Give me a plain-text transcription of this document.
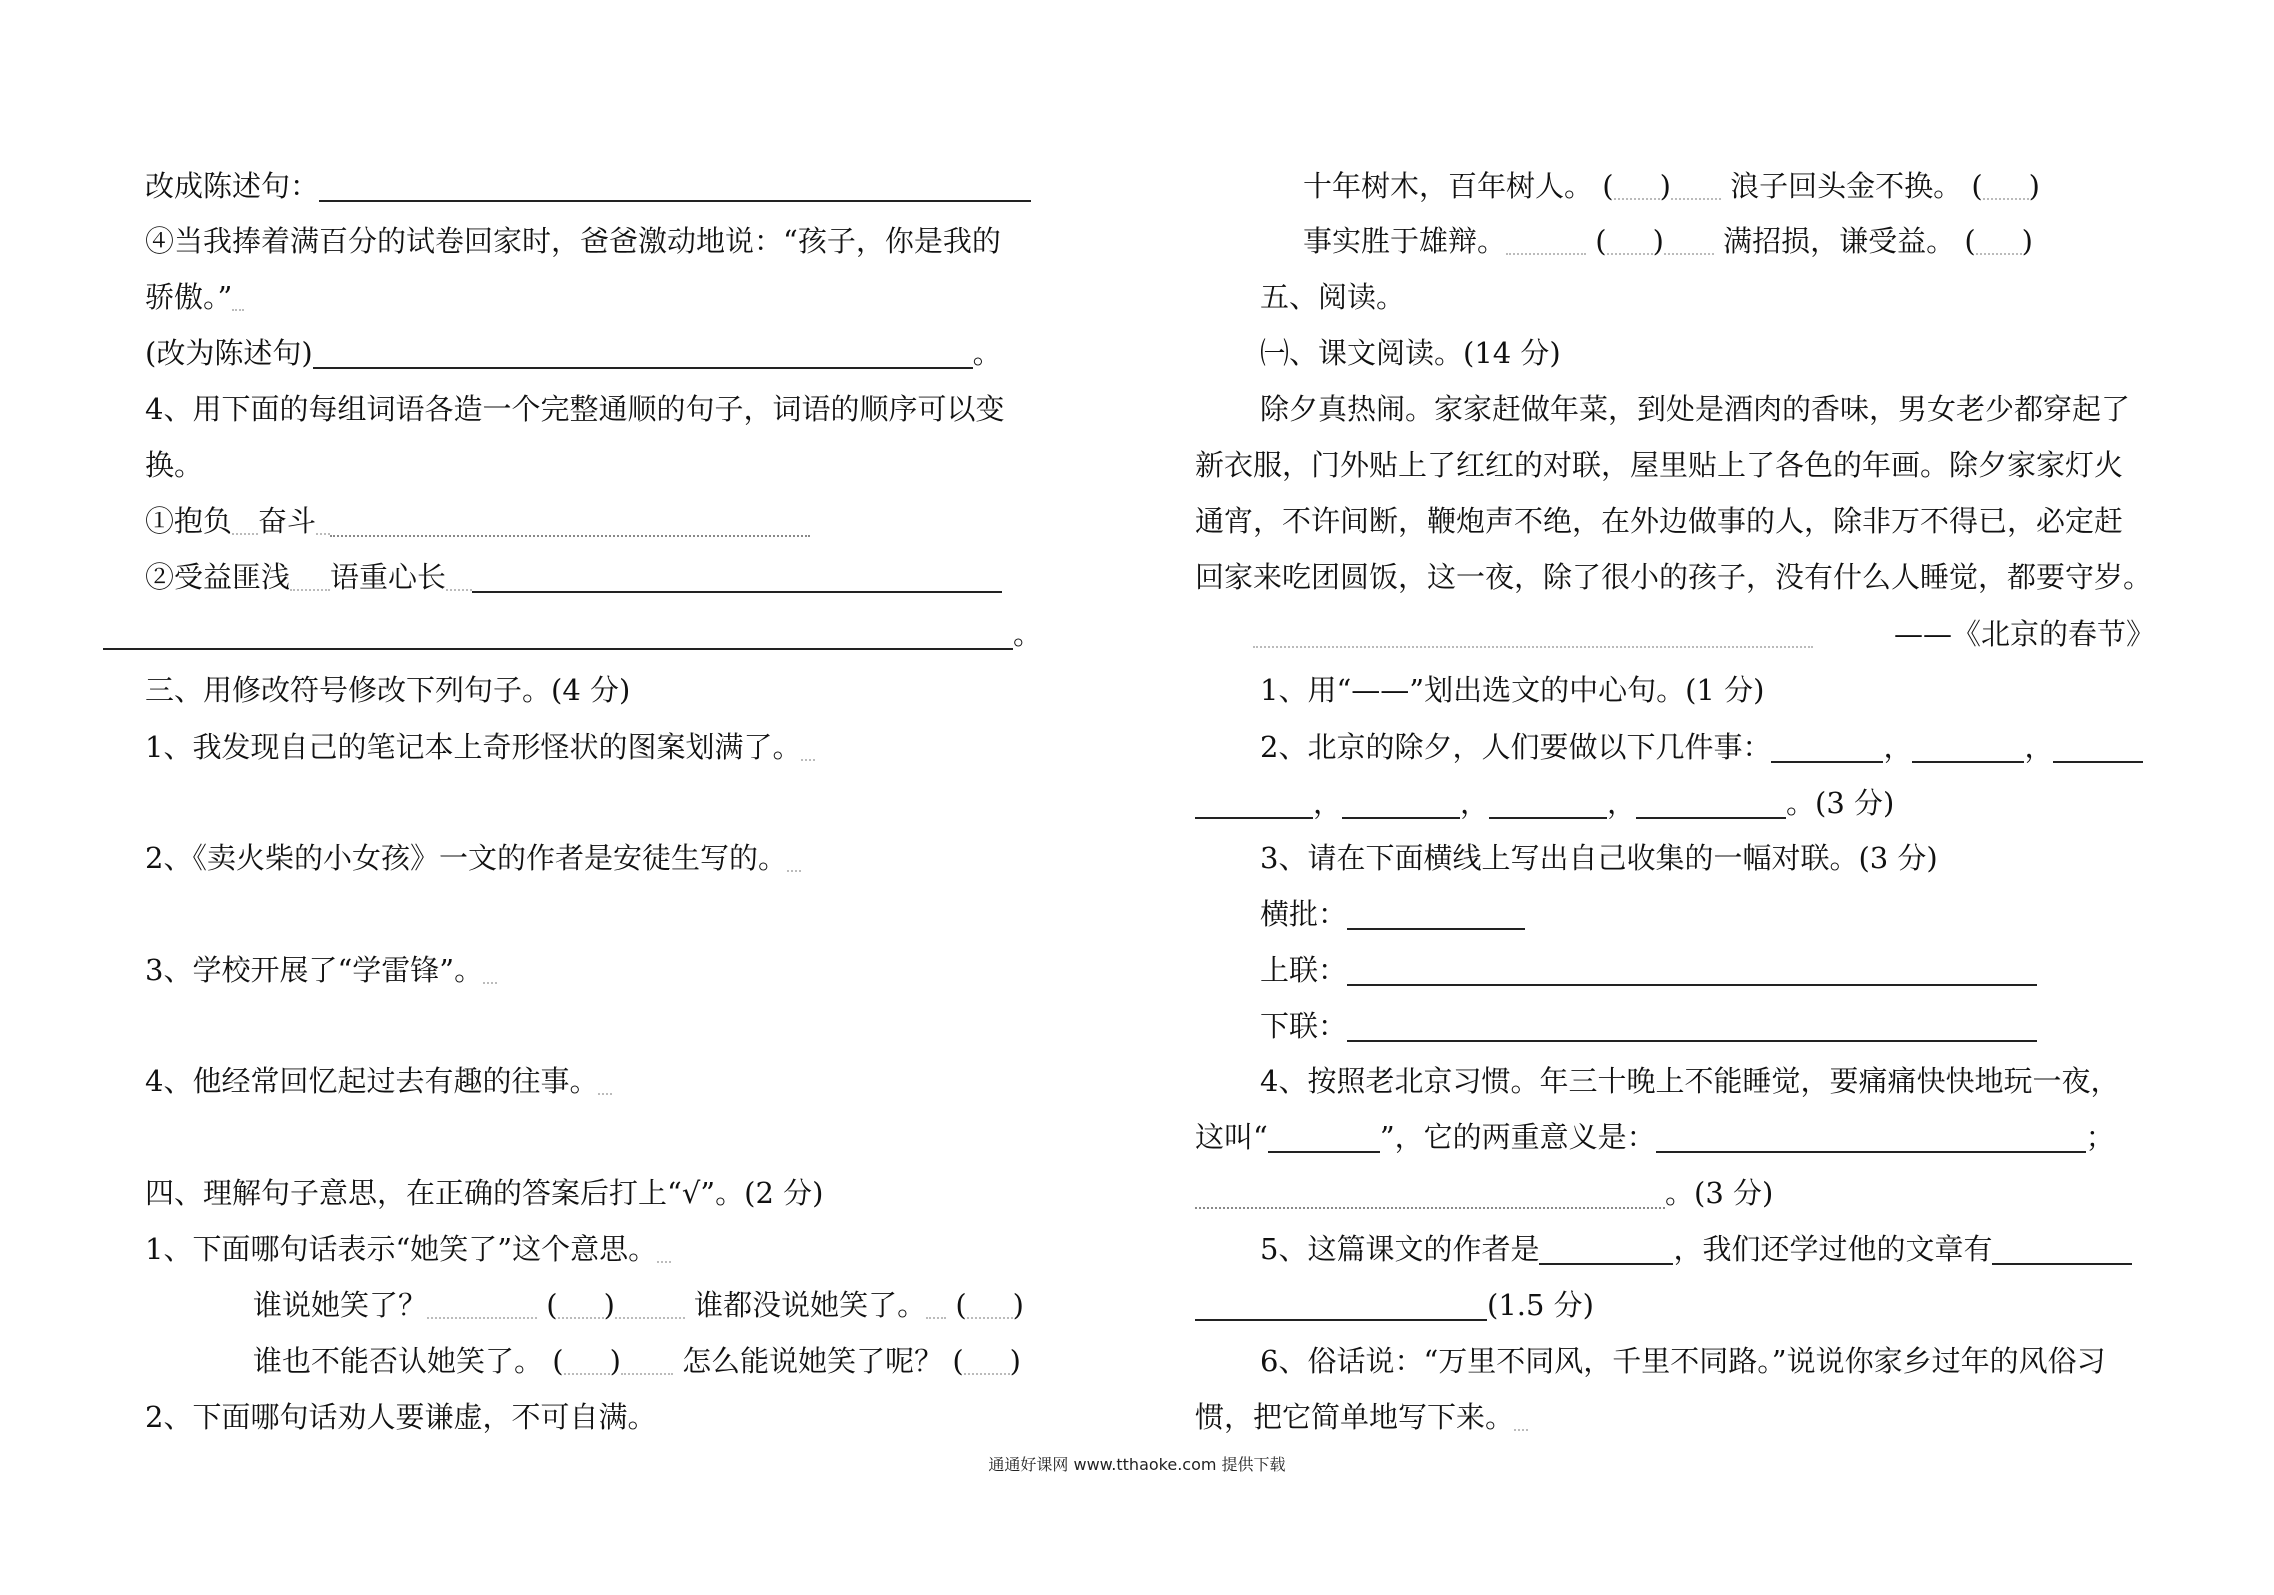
改成陈述句：
④当我捧着满百分的试卷回家时，爸爸激动地说：“孩子，你是我的
骄傲。”
(改为陈述句)	。
4、用下面的每组词语各造一个完整通顺的句子，词语的顺序可以变
换。
①抱负 奋斗
②受益匪浅 语重心长
。
三、用修改符号修改下列句子。(4 分)
1、我发现自己的笔记本上奇形怪状的图案划满了。
2、《卖火柴的小女孩》一文的作者是安徒生写的。
3、学校开展了“学雷锋”。
4、他经常回忆起过去有趣的往事。
四、理解句子意思，在正确的答案后打上“√”。(2 分)
1、下面哪句话表示“她笑了”这个意思。
谁说她笑了？	( )	谁都没说她笑了。 ( )
谁也不能否认她笑了。 ( ) 怎么能说她笑了呢？ ( )
2、下面哪句话劝人要谦虚，不可自满。
十年树木，百年树人。 ( ) 浪子回头金不换。 ( )
事实胜于雄辩。	( ) 满招损，谦受益。 ( )
五、阅读。
㈠、课文阅读。(14 分)
除夕真热闹。家家赶做年菜，到处是酒肉的香味，男女老少都穿起了
新衣服，门外贴上了红红的对联，屋里贴上了各色的年画。除夕家家灯火
通宵，不许间断，鞭炮声不绝，在外边做事的人，除非万不得已，必定赶
回家来吃团圆饭，这一夜，除了很小的孩子，没有什么人睡觉，都要守岁。
——《北京的春节》
1、用“——”划出选文的中心句。(1 分)
2、北京的除夕，人们要做以下几件事：	，	，
，	，	，	。(3 分)
3、请在下面横线上写出自己收集的一幅对联。(3 分)
横批：
上联：
下联：
4、按照老北京习惯。年三十晚上不能睡觉，要痛痛快快地玩一夜，
这叫“	”，它的两重意义是：	；
。(3 分)
5、这篇课文的作者是	，我们还学过他的文章有
(1.5 分)
6、俗话说：“万里不同风，千里不同路。”说说你家乡过年的风俗习
惯，把它简单地写下来。
通通好课网 www.tthaoke.com 提供下载
